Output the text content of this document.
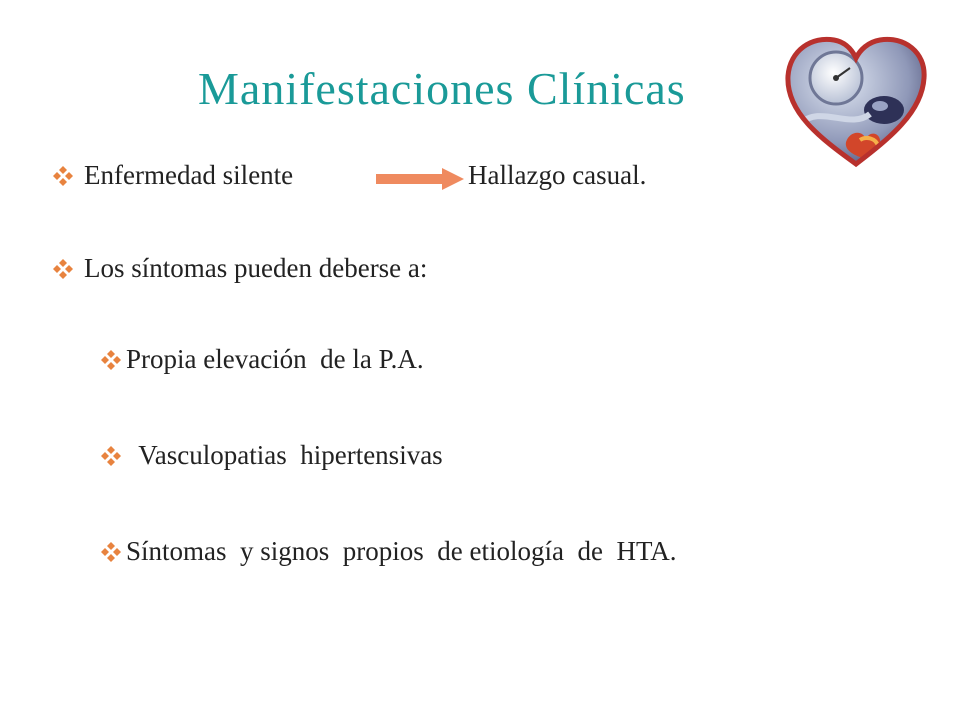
Manifestaciones Clínicas
Enfermedad silente	Hallazgo casual.
Los síntomas pueden deberse a:
Propia elevación  de la P.A.
Vasculopatias  hipertensivas
Síntomas  y signos  propios  de etiología  de  HTA.
